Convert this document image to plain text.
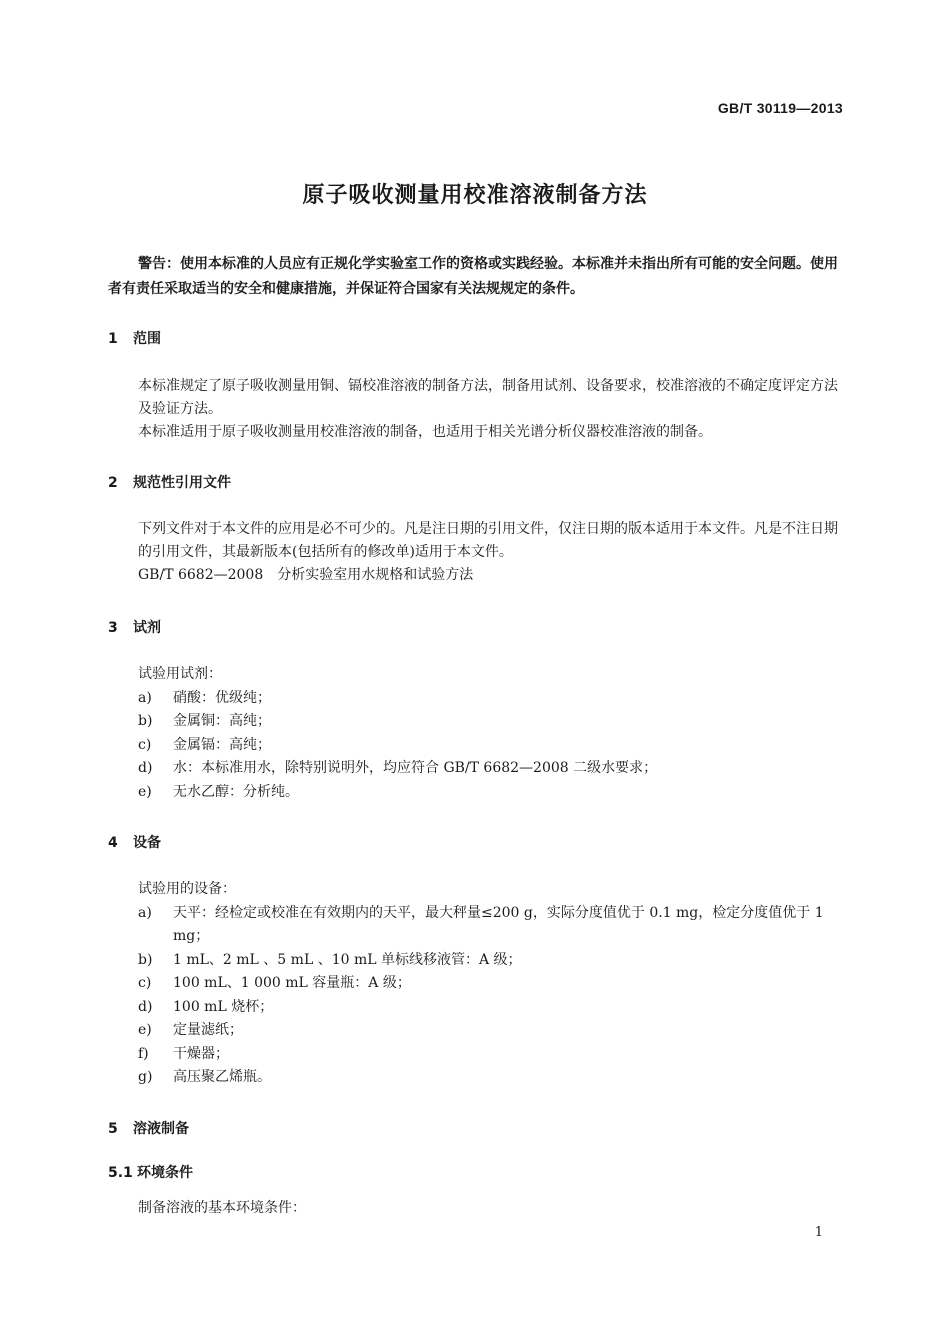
GB/T 30119—2013
原子吸收测量用校准溶液制备方法
警告：使用本标准的人员应有正规化学实验室工作的资格或实践经验。本标准并未指出所有可能的安全问题。使用者有责任采取适当的安全和健康措施，并保证符合国家有关法规规定的条件。
1 范围
本标准规定了原子吸收测量用铜、镉校准溶液的制备方法，制备用试剂、设备要求，校准溶液的不确定度评定方法及验证方法。
本标准适用于原子吸收测量用校准溶液的制备，也适用于相关光谱分析仪器校准溶液的制备。
2 规范性引用文件
下列文件对于本文件的应用是必不可少的。凡是注日期的引用文件，仅注日期的版本适用于本文件。凡是不注日期的引用文件，其最新版本(包括所有的修改单)适用于本文件。
GB/T 6682—2008　分析实验室用水规格和试验方法
3 试剂
试验用试剂：
a)	硝酸：优级纯；
b)	金属铜：高纯；
c)	金属镉：高纯；
d)	水：本标准用水，除特别说明外，均应符合 GB/T 6682—2008 二级水要求；
e)	无水乙醇：分析纯。
4 设备
试验用的设备：
a)	天平：经检定或校准在有效期内的天平，最大秤量≤200 g，实际分度值优于 0.1 mg，检定分度值优于 1 mg；
b)	1 mL、2 mL 、5 mL 、10 mL 单标线移液管：A 级；
c)	100 mL、1 000 mL 容量瓶：A 级；
d)	100 mL 烧杯；
e)	定量滤纸；
f)	干燥器；
g)	高压聚乙烯瓶。
5 溶液制备
5.1 环境条件
制备溶液的基本环境条件：
1
